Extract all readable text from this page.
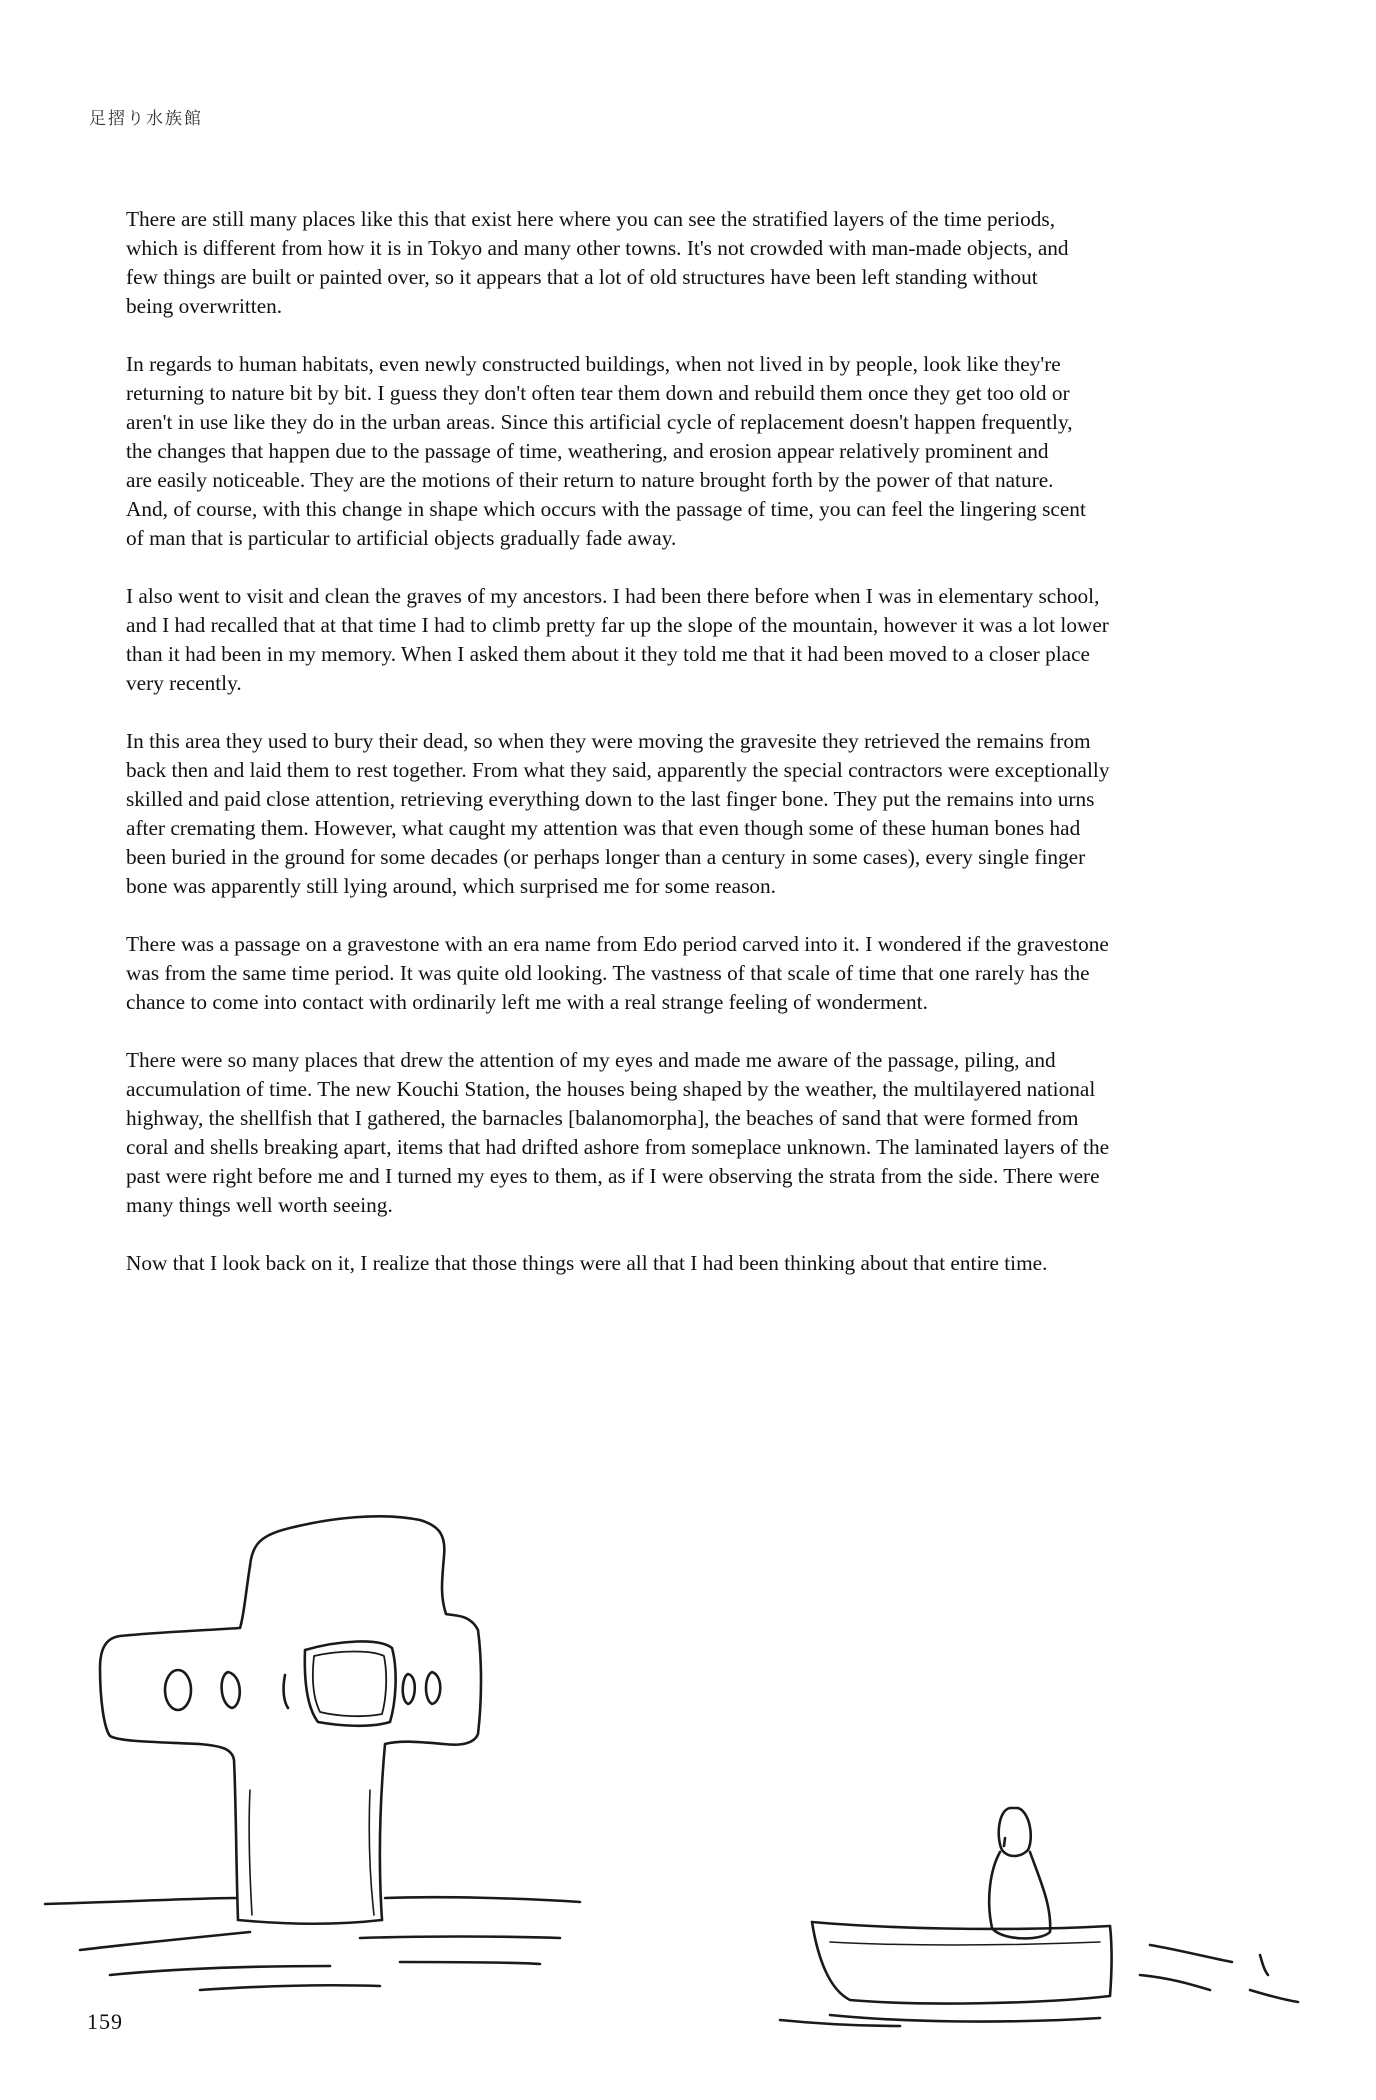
足摺り水族館

There are still many places like this that exist here where you can see the stratified layers of the time periods,
which is different from how it is in Tokyo and many other towns. It's not crowded with man-made objects, and
few things are built or painted over, so it appears that a lot of old structures have been left standing without
being overwritten.

In regards to human habitats, even newly constructed buildings, when not lived in by people, look like they're
returning to nature bit by bit. I guess they don't often tear them down and rebuild them once they get too old or
aren't in use like they do in the urban areas. Since this artificial cycle of replacement doesn't happen frequently,
the changes that happen due to the passage of time, weathering, and erosion appear relatively prominent and
are easily noticeable. They are the motions of their return to nature brought forth by the power of that nature.
And, of course, with this change in shape which occurs with the passage of time, you can feel the lingering scent
of man that is particular to artificial objects gradually fade away.

I also went to visit and clean the graves of my ancestors. I had been there before when I was in elementary school,
and I had recalled that at that time I had to climb pretty far up the slope of the mountain, however it was a lot lower
than it had been in my memory. When I asked them about it they told me that it had been moved to a closer place
very recently.

In this area they used to bury their dead, so when they were moving the gravesite they retrieved the remains from
back then and laid them to rest together. From what they said, apparently the special contractors were exceptionally
skilled and paid close attention, retrieving everything down to the last finger bone. They put the remains into urns
after cremating them. However, what caught my attention was that even though some of these human bones had
been buried in the ground for some decades (or perhaps longer than a century in some cases), every single finger
bone was apparently still lying around, which surprised me for some reason.

There was a passage on a gravestone with an era name from Edo period carved into it. I wondered if the gravestone
was from the same time period. It was quite old looking. The vastness of that scale of time that one rarely has the
chance to come into contact with ordinarily left me with a real strange feeling of wonderment.

There were so many places that drew the attention of my eyes and made me aware of the passage, piling, and
accumulation of time. The new Kouchi Station, the houses being shaped by the weather, the multilayered national
highway, the shellfish that I gathered, the barnacles [balanomorpha], the beaches of sand that were formed from
coral and shells breaking apart, items that had drifted ashore from someplace unknown. The laminated layers of the
past were right before me and I turned my eyes to them, as if I were observing the strata from the side. There were
many things well worth seeing.

Now that I look back on it, I realize that those things were all that I had been thinking about that entire time.

159
